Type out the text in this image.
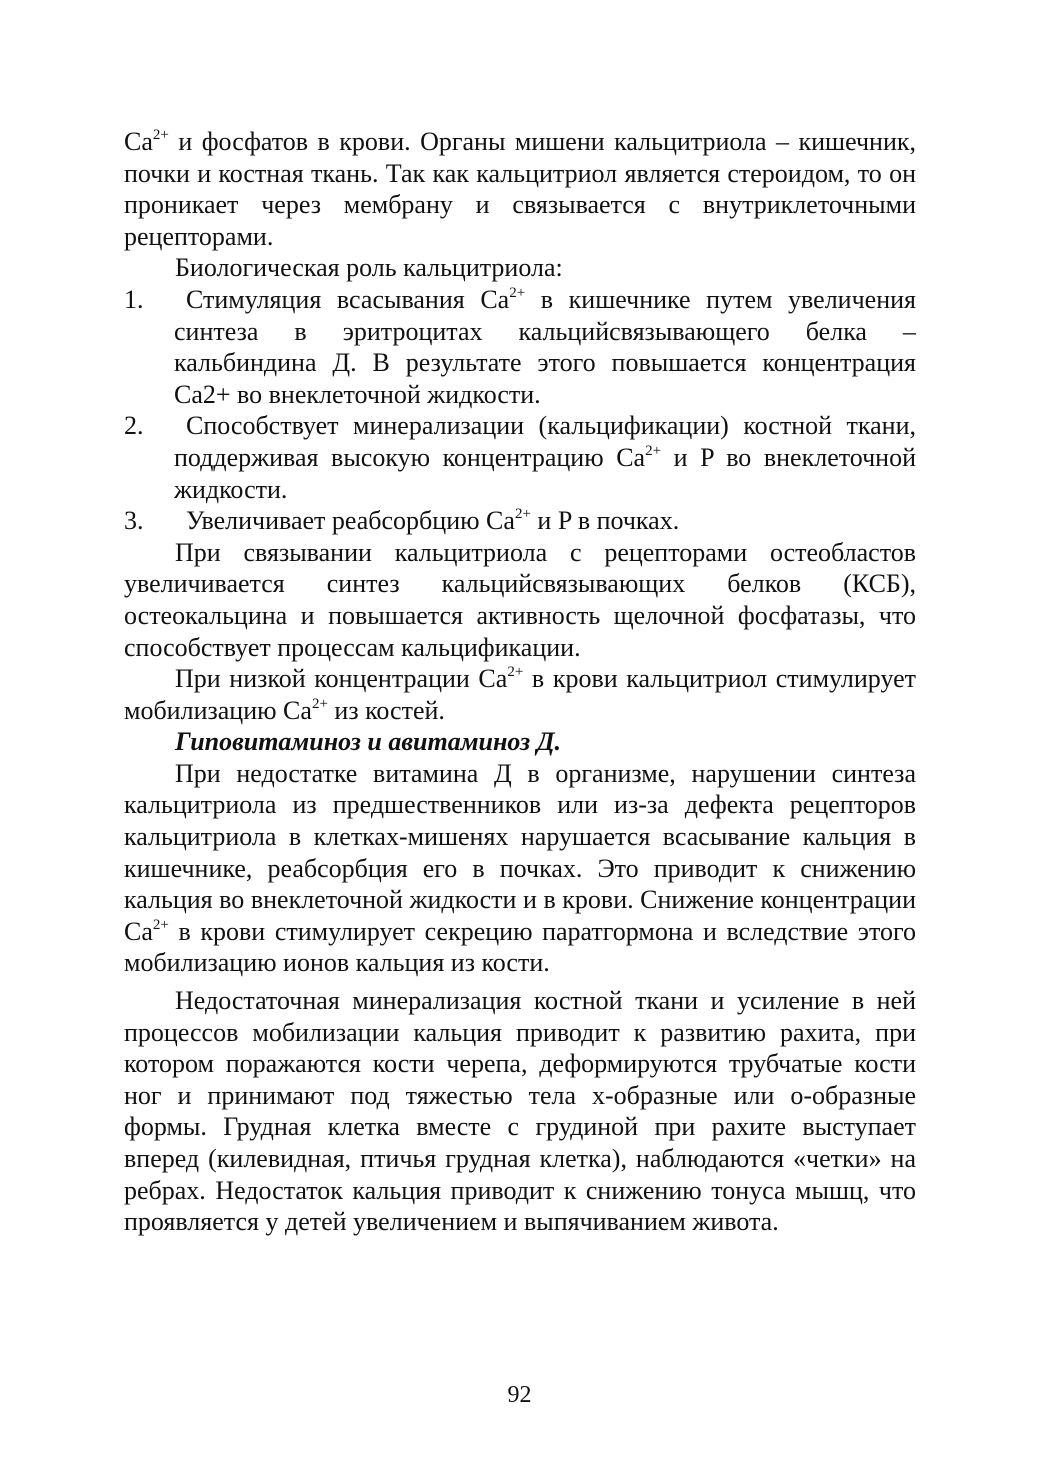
$Ca^{2+}$ и фосфатов в крови. Органы мишени кальцитриола – кишечник, почки и костная ткань. Так как кальцитриол является стероидом, то он проникает через мембрану и связывается с внутриклеточными рецепторами.

Биологическая роль кальцитриола:

1.	Стимуляция всасывания $Ca^{2+}$ в кишечнике путем увеличения синтеза в эритроцитах кальцийсвязывающего белка – кальбиндина Д. В результате этого повышается концентрация Ca2+ во внеклеточной жидкости.
2.	Способствует минерализации (кальцификации) костной ткани, поддерживая высокую концентрацию $Ca^{2+}$ и P во внеклеточной жидкости.
3.	Увеличивает реабсорбцию $Ca^{2+}$ и P в почках.

При связывании кальцитриола с рецепторами остеобластов увеличивается синтез кальцийсвязывающих белков (КСБ), остеокальцина и повышается активность щелочной фосфатазы, что способствует процессам кальцификации.

При низкой концентрации $Ca^{2+}$ в крови кальцитриол стимулирует мобилизацию $Ca^{2+}$ из костей.

Гиповитаминоз и авитаминоз Д.

При недостатке витамина Д в организме, нарушении синтеза кальцитриола из предшественников или из-за дефекта рецепторов кальцитриола в клетках-мишенях нарушается всасывание кальция в кишечнике, реабсорбция его в почках. Это приводит к снижению кальция во внеклеточной жидкости и в крови. Снижение концентрации $Ca^{2+}$ в крови стимулирует секрецию паратгормона и вследствие этого мобилизацию ионов кальция из кости.

Недостаточная минерализация костной ткани и усиление в ней процессов мобилизации кальция приводит к развитию рахита, при котором поражаются кости черепа, деформируются трубчатые кости ног и принимают под тяжестью тела x-образные или o-образные формы. Грудная клетка вместе с грудиной при рахите выступает вперед (килевидная, птичья грудная клетка), наблюдаются «четки» на ребрах. Недостаток кальция приводит к снижению тонуса мышц, что проявляется у детей увеличением и выпячиванием живота.

92
